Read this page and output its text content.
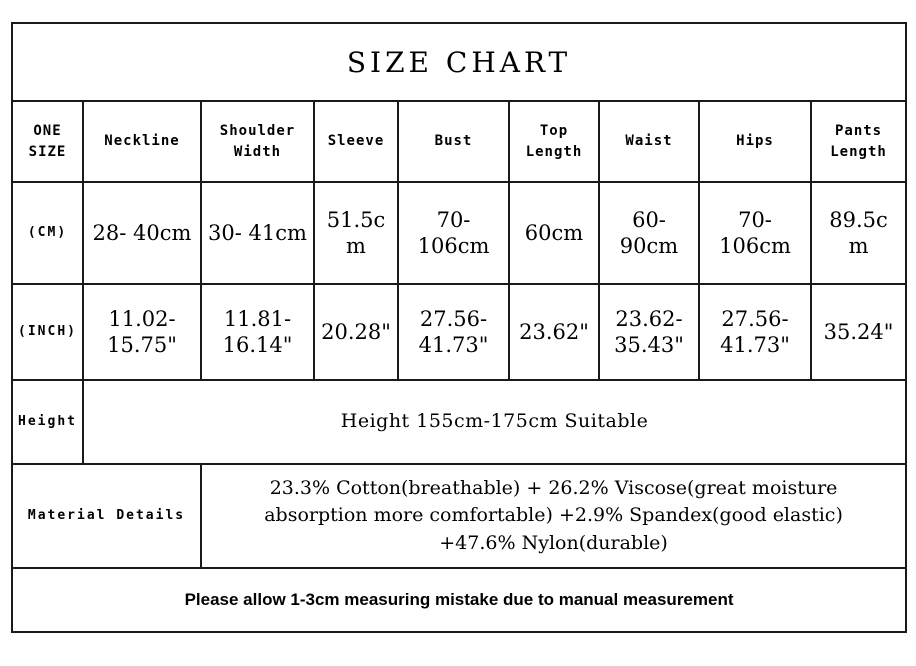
SIZE CHART								
ONE SIZE	Neckline	Shoulder Width	Sleeve	Bust	Top Length	Waist	Hips	Pants Length
(CM)	28- 40cm	30- 41cm	51.5cm	70-106cm	60cm	60-90cm	70-106cm	89.5cm
(INCH)	11.02-15.75"	11.81-16.14"	20.28"	27.56-41.73"	23.62"	23.62-35.43"	27.56-41.73"	35.24"
Height	Height 155cm-175cm Suitable							
Material Details		23.3% Cotton(breathable) + 26.2% Viscose(great moisture absorption more comfortable) +2.9% Spandex(good elastic) +47.6% Nylon(durable)						

Please allow 1-3cm measuring mistake due to manual measurement								
